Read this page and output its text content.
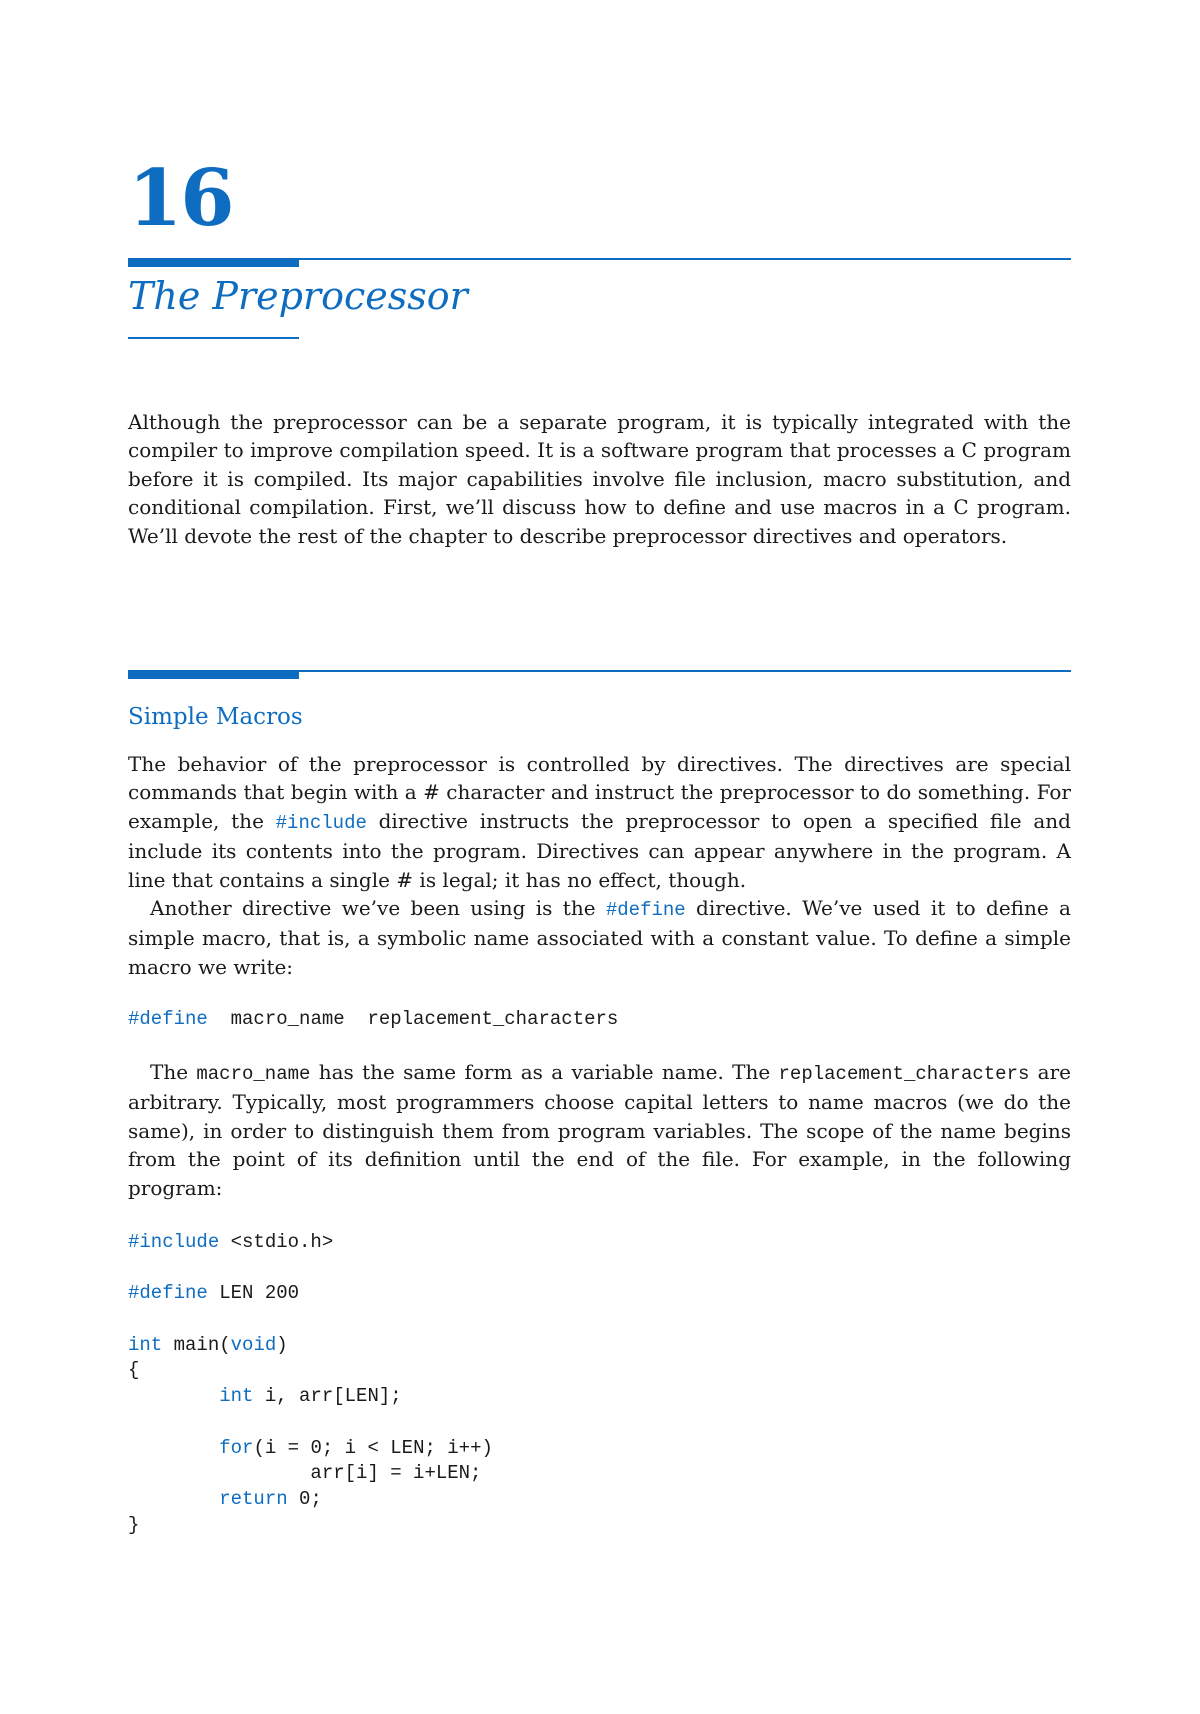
16
The Preprocessor

Although the preprocessor can be a separate program, it is typically integrated with the compiler to improve compilation speed. It is a software program that processes a C program before it is compiled. Its major capabilities involve file inclusion, macro substitution, and conditional compilation. First, we’ll discuss how to define and use macros in a C program. We’ll devote the rest of the chapter to describe preprocessor directives and operators.

Simple Macros

The behavior of the preprocessor is controlled by directives. The directives are special commands that begin with a # character and instruct the preprocessor to do something. For example, the #include directive instructs the preprocessor to open a specified file and include its contents into the program. Directives can appear anywhere in the program. A line that contains a single # is legal; it has no effect, though.

Another directive we’ve been using is the #define directive. We’ve used it to define a simple macro, that is, a symbolic name associated with a constant value. To define a simple macro we write:

#define  macro_name  replacement_characters

The macro_name has the same form as a variable name. The replacement_characters are arbitrary. Typically, most programmers choose capital letters to name macros (we do the same), in order to distinguish them from program variables. The scope of the name begins from the point of its definition until the end of the file. For example, in the following program:

#include <stdio.h>
#define LEN 200
int main(void)
{
int i, arr[LEN];
for(i = 0; i < LEN; i++)
arr[i] = i+LEN;
return 0;
}
